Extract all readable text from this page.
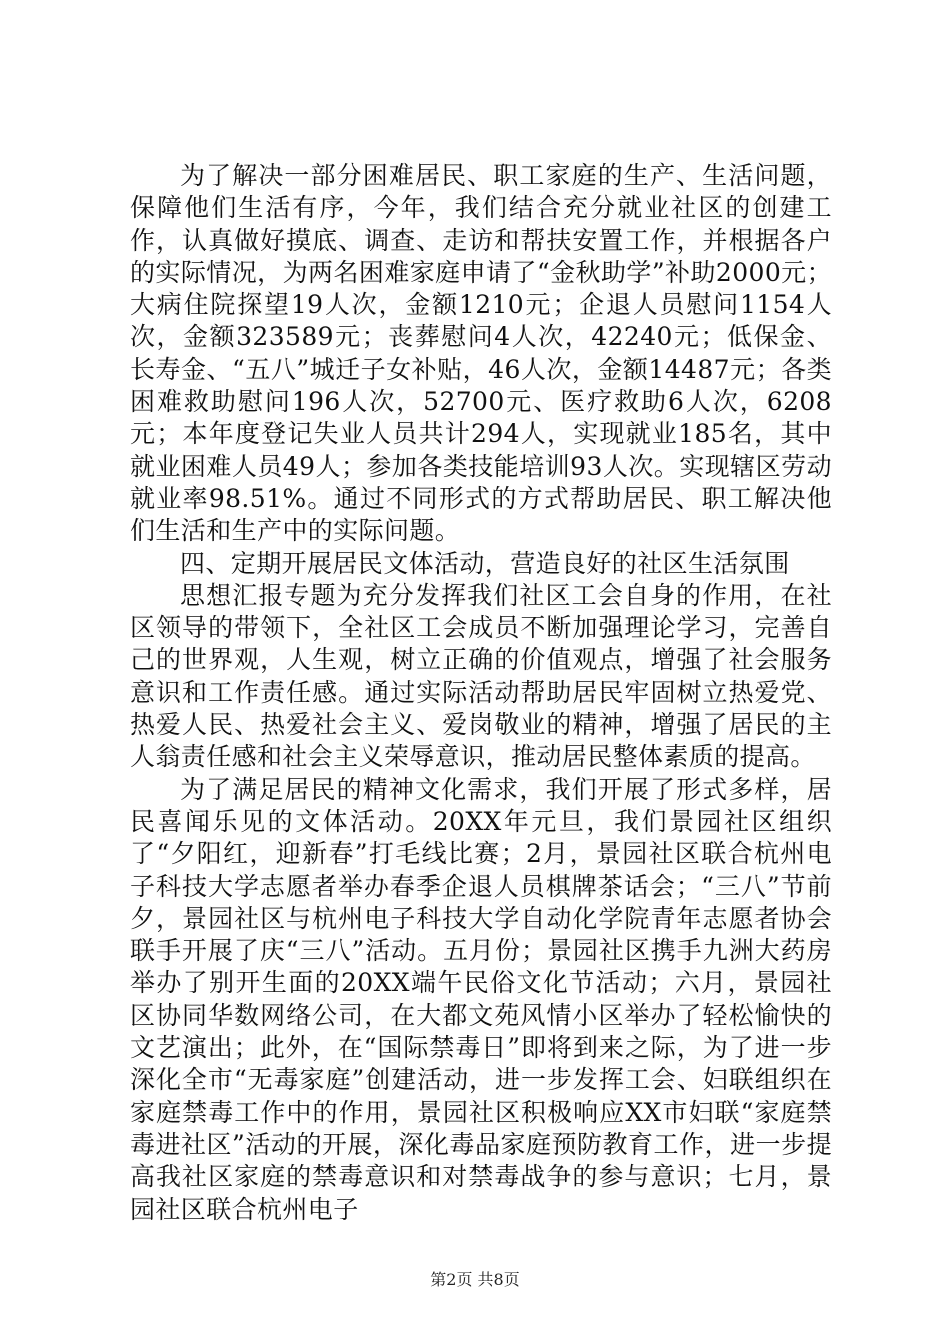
为了解决一部分困难居民、职工家庭的生产、生活问题，保障他们生活有序，今年，我们结合充分就业社区的创建工作，认真做好摸底、调查、走访和帮扶安置工作，并根据各户的实际情况，为两名困难家庭申请了“金秋助学”补助2000元；大病住院探望19人次，金额1210元；企退人员慰问1154人次，金额323589元；丧葬慰问4人次，42240元；低保金、长寿金、“五八”城迁子女补贴，46人次，金额14487元；各类困难救助慰问196人次，52700元、医疗救助6人次，6208元；本年度登记失业人员共计294人，实现就业185名，其中就业困难人员49人；参加各类技能培训93人次。实现辖区劳动就业率98.51%。通过不同形式的方式帮助居民、职工解决他们生活和生产中的实际问题。

四、定期开展居民文体活动，营造良好的社区生活氛围

思想汇报专题为充分发挥我们社区工会自身的作用，在社区领导的带领下，全社区工会成员不断加强理论学习，完善自己的世界观，人生观，树立正确的价值观点，增强了社会服务意识和工作责任感。通过实际活动帮助居民牢固树立热爱党、热爱人民、热爱社会主义、爱岗敬业的精神，增强了居民的主人翁责任感和社会主义荣辱意识，推动居民整体素质的提高。

为了满足居民的精神文化需求，我们开展了形式多样，居民喜闻乐见的文体活动。20XX年元旦，我们景园社区组织了“夕阳红，迎新春”打毛线比赛；2月，景园社区联合杭州电子科技大学志愿者举办春季企退人员棋牌茶话会；“三八”节前夕，景园社区与杭州电子科技大学自动化学院青年志愿者协会联手开展了庆“三八”活动。五月份；景园社区携手九洲大药房举办了别开生面的20XX端午民俗文化节活动；六月，景园社区协同华数网络公司，在大都文苑风情小区举办了轻松愉快的文艺演出；此外，在“国际禁毒日”即将到来之际，为了进一步深化全市“无毒家庭”创建活动，进一步发挥工会、妇联组织在家庭禁毒工作中的作用，景园社区积极响应XX市妇联“家庭禁毒进社区”活动的开展，深化毒品家庭预防教育工作，进一步提高我社区家庭的禁毒意识和对禁毒战争的参与意识；七月，景园社区联合杭州电子

第2页 共8页
